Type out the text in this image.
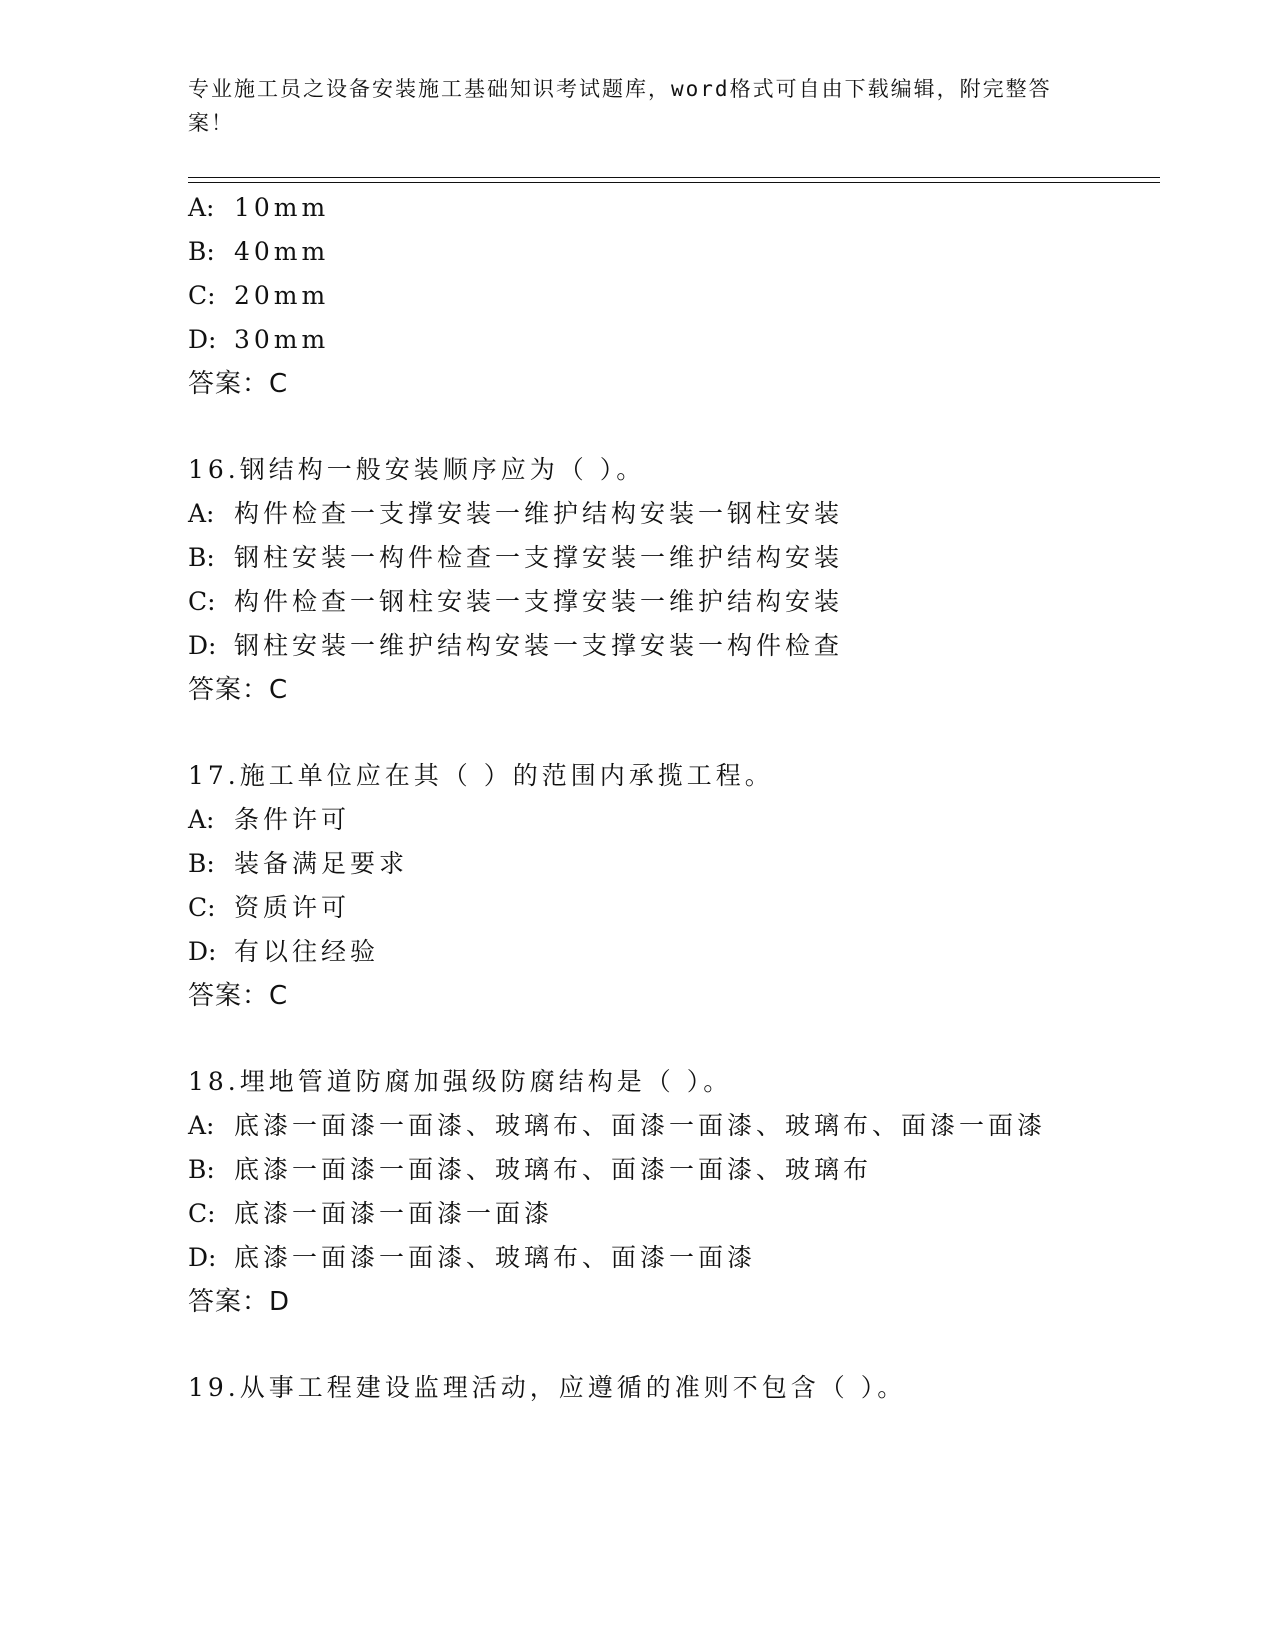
专业施工员之设备安装施工基础知识考试题库，word格式可自由下载编辑，附完整答案！
A: 10mm
B: 40mm
C: 20mm
D: 30mm
答案：C
16.钢结构一般安装顺序应为（ ）。
A: 构件检查一支撑安装一维护结构安装一钢柱安装
B: 钢柱安装一构件检查一支撑安装一维护结构安装
C: 构件检查一钢柱安装一支撑安装一维护结构安装
D: 钢柱安装一维护结构安装一支撑安装一构件检查
答案：C
17.施工单位应在其（ ）的范围内承揽工程。
A: 条件许可
B: 装备满足要求
C: 资质许可
D: 有以往经验
答案：C
18.埋地管道防腐加强级防腐结构是（ ）。
A: 底漆一面漆一面漆、玻璃布、面漆一面漆、玻璃布、面漆一面漆
B: 底漆一面漆一面漆、玻璃布、面漆一面漆、玻璃布
C: 底漆一面漆一面漆一面漆
D: 底漆一面漆一面漆、玻璃布、面漆一面漆
答案：D
19.从事工程建设监理活动，应遵循的准则不包含（ ）。
